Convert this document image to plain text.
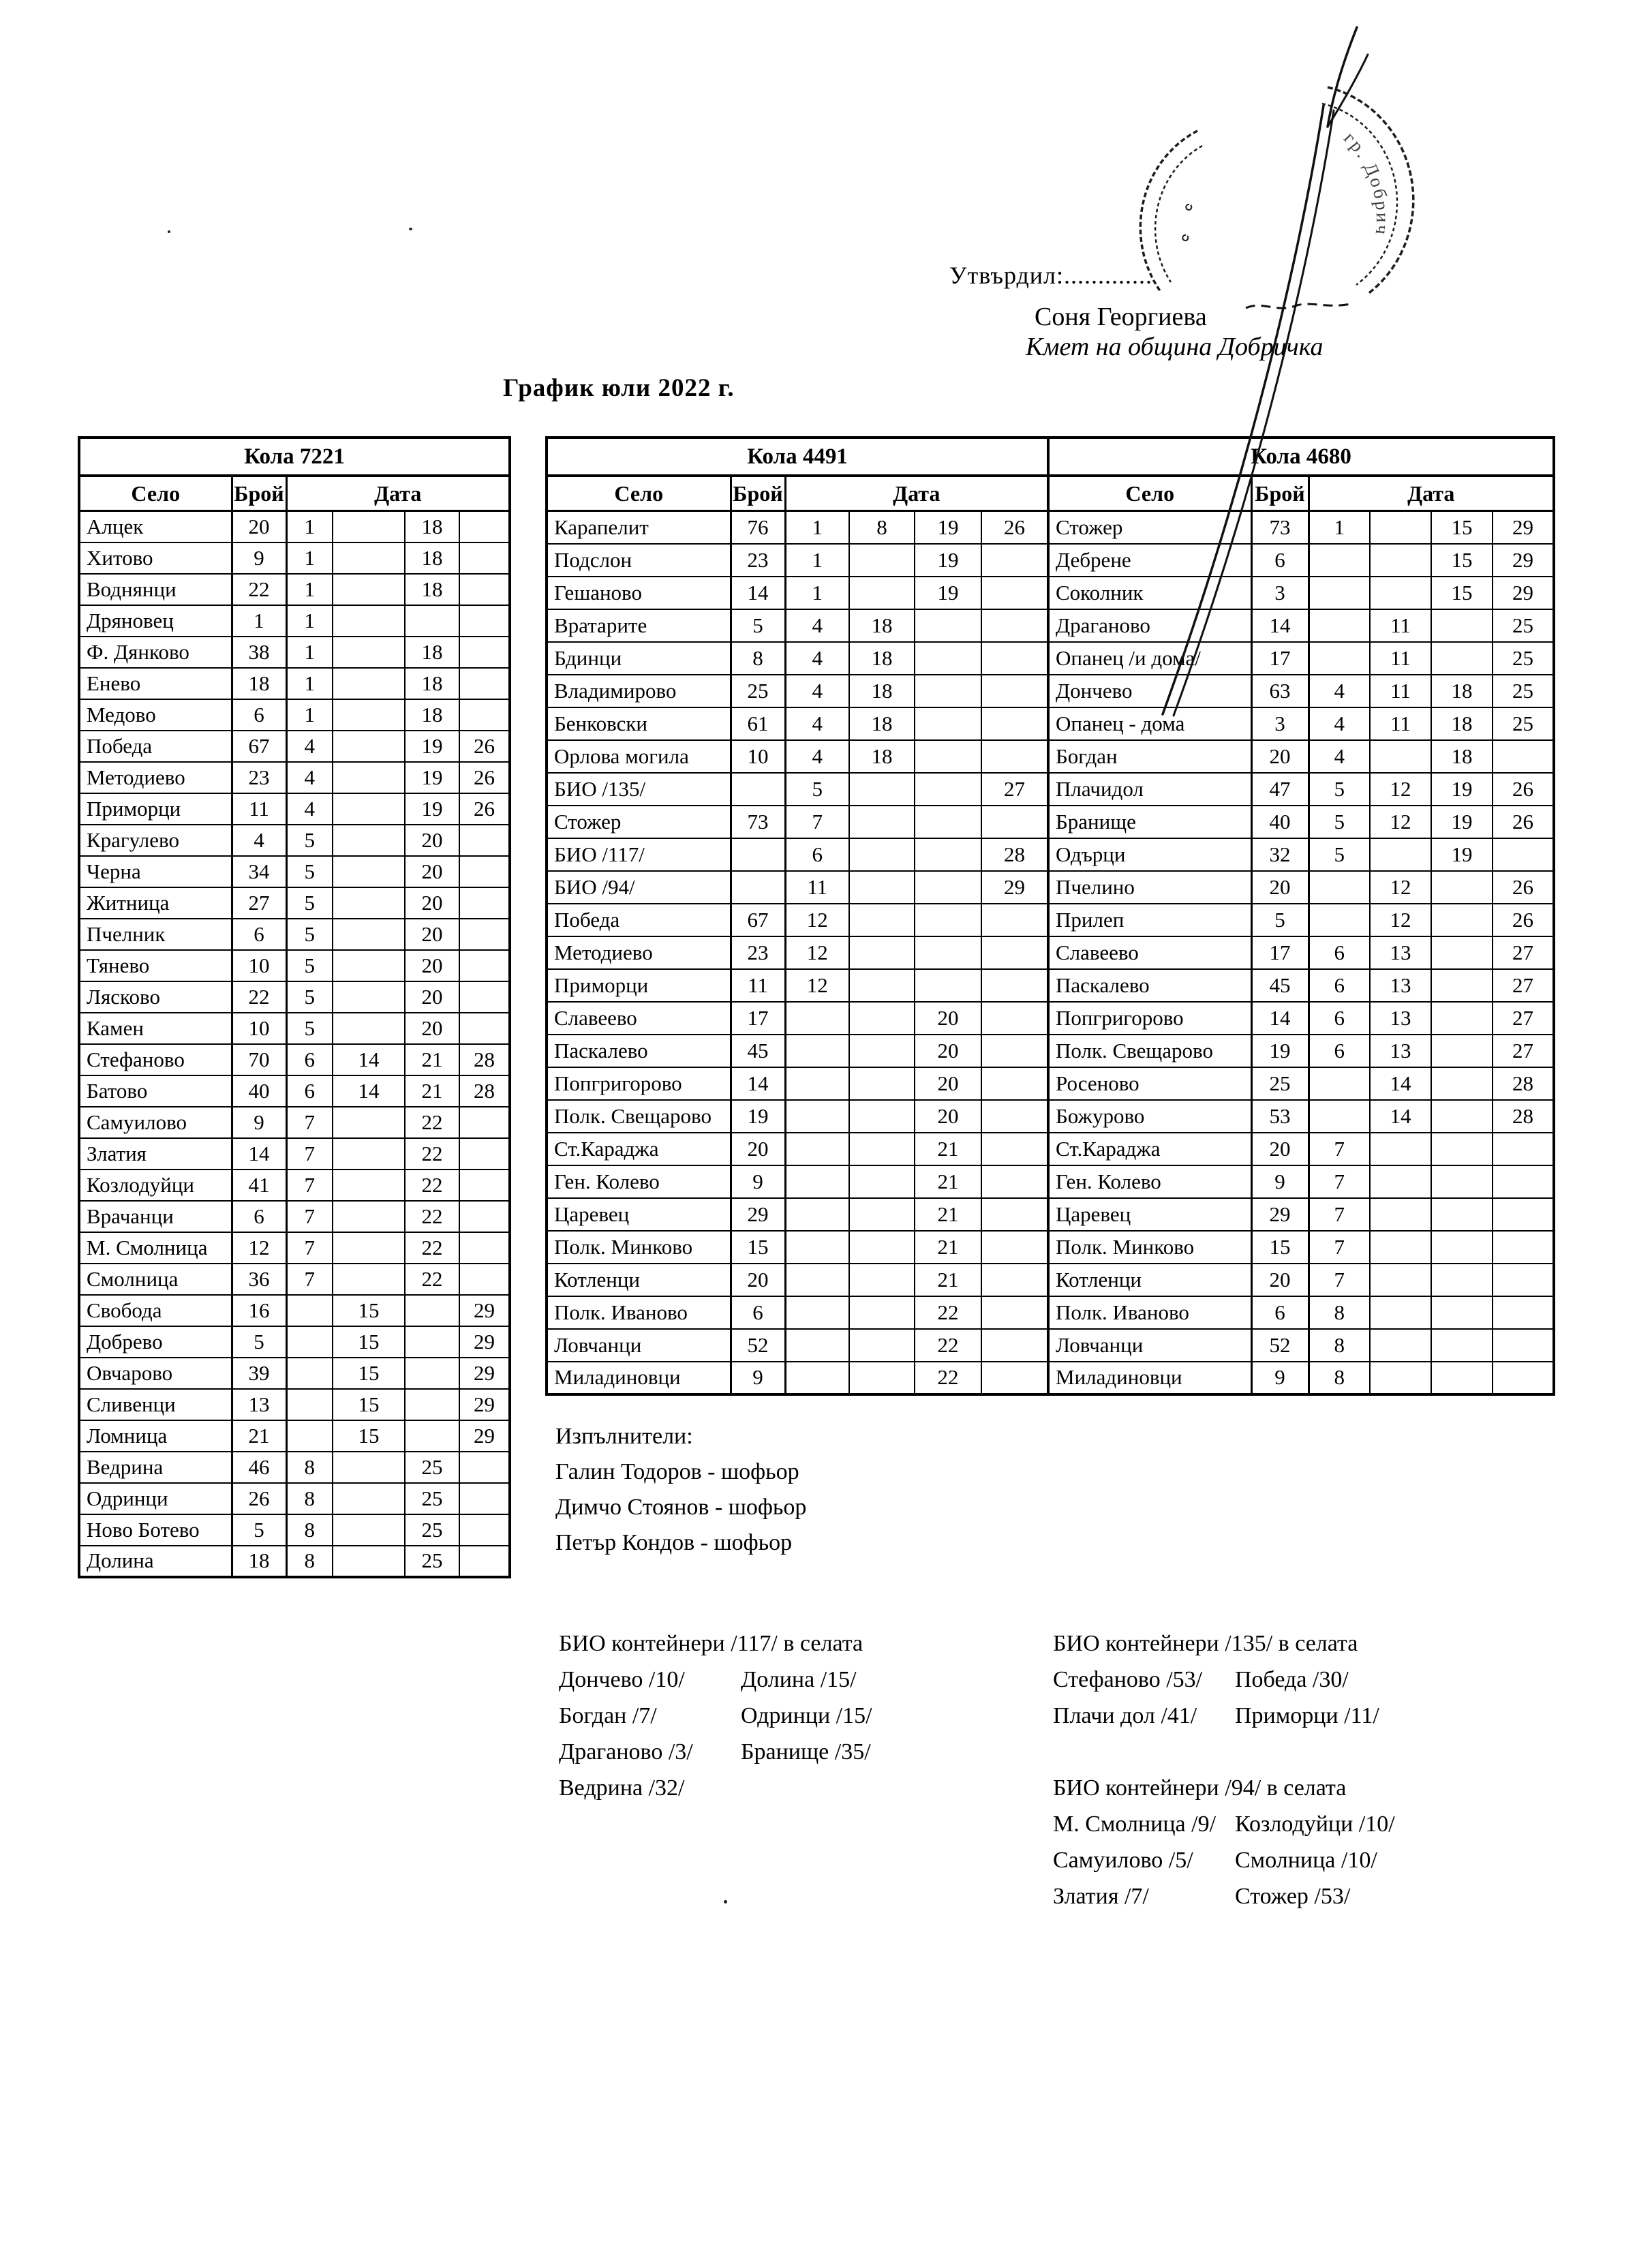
Утвърдил:.............
Соня Георгиева
Кмет на община Добричка
График юли 2022 г.
Кола 7221					
Село	Брой	Дата			
Алцек	20	1		18	
Хитово	9	1		18	
Воднянци	22	1		18	
Дряновец	1	1			
Ф. Дянково	38	1		18	
Енево	18	1		18	
Медово	6	1		18	
Победа	67	4		19	26
Методиево	23	4		19	26
Приморци	11	4		19	26
Крагулево	4	5		20	
Черна	34	5		20	
Житница	27	5		20	
Пчелник	6	5		20	
Тянево	10	5		20	
Лясково	22	5		20	
Камен	10	5		20	
Стефаново	70	6	14	21	28
Батово	40	6	14	21	28
Самуилово	9	7		22	
Златия	14	7		22	
Козлодуйци	41	7		22	
Врачанци	6	7		22	
М. Смолница	12	7		22	
Смолница	36	7		22	
Свобода	16		15		29
Добрево	5		15		29
Овчарово	39		15		29
Сливенци	13		15		29
Ломница	21		15		29
Ведрина	46	8		25	
Одринци	26	8		25	
Ново Ботево	5	8		25	
Долина	18	8		25	
Кола 4491					
Село	Брой	Дата			
Карапелит	76	1	8	19	26
Подслон	23	1		19	
Гешаново	14	1		19	
Вратарите	5	4	18		
Бдинци	8	4	18		
Владимирово	25	4	18		
Бенковски	61	4	18		
Орлова могила	10	4	18		
БИО /135/		5			27
Стожер	73	7			
БИО /117/		6			28
БИО /94/		11			29
Победа	67	12			
Методиево	23	12			
Приморци	11	12			
Славеево	17			20	
Паскалево	45			20	
Попгригорово	14			20	
Полк. Свещарово	19			20	
Ст.Караджа	20			21	
Ген. Колево	9			21	
Царевец	29			21	
Полк. Минково	15			21	
Котленци	20			21	
Полк. Иваново	6			22	
Ловчанци	52			22	
Миладиновци	9			22	
Кола 4680					
Село	Брой	Дата			
Стожер	73	1		15	29
Дебрене	6			15	29
Соколник	3			15	29
Драганово	14		11		25
Опанец /и дома/	17		11		25
Дончево	63	4	11	18	25
Опанец - дома	3	4	11	18	25
Богдан	20	4		18	
Плачидол	47	5	12	19	26
Бранище	40	5	12	19	26
Одърци	32	5		19	
Пчелино	20		12		26
Прилеп	5		12		26
Славеево	17	6	13		27
Паскалево	45	6	13		27
Попгригорово	14	6	13		27
Полк. Свещарово	19	6	13		27
Росеново	25		14		28
Божурово	53		14		28
Ст.Караджа	20	7			
Ген. Колево	9	7			
Царевец	29	7			
Полк. Минково	15	7			
Котленци	20	7			
Полк. Иваново	6	8			
Ловчанци	52	8			
Миладиновци	9	8			
Изпълнители:
Галин Тодоров - шофьор
Димчо Стоянов - шофьор
Петър Кондов - шофьор
БИО контейнери /117/ в селата
Дончево /10/	Долина /15/
Богдан /7/	Одринци /15/
Драганово /3/	Бранище /35/
Ведрина /32/
БИО контейнери /135/ в селата
Стефаново /53/	Победа /30/
Плачи дол /41/	Приморци /11/
БИО контейнери /94/ в селата
М. Смолница /9/ Козлодуйци /10/
Самуилово /5/	Смолница /10/
Златия /7/	Стожер /53/
гр. Добрич
